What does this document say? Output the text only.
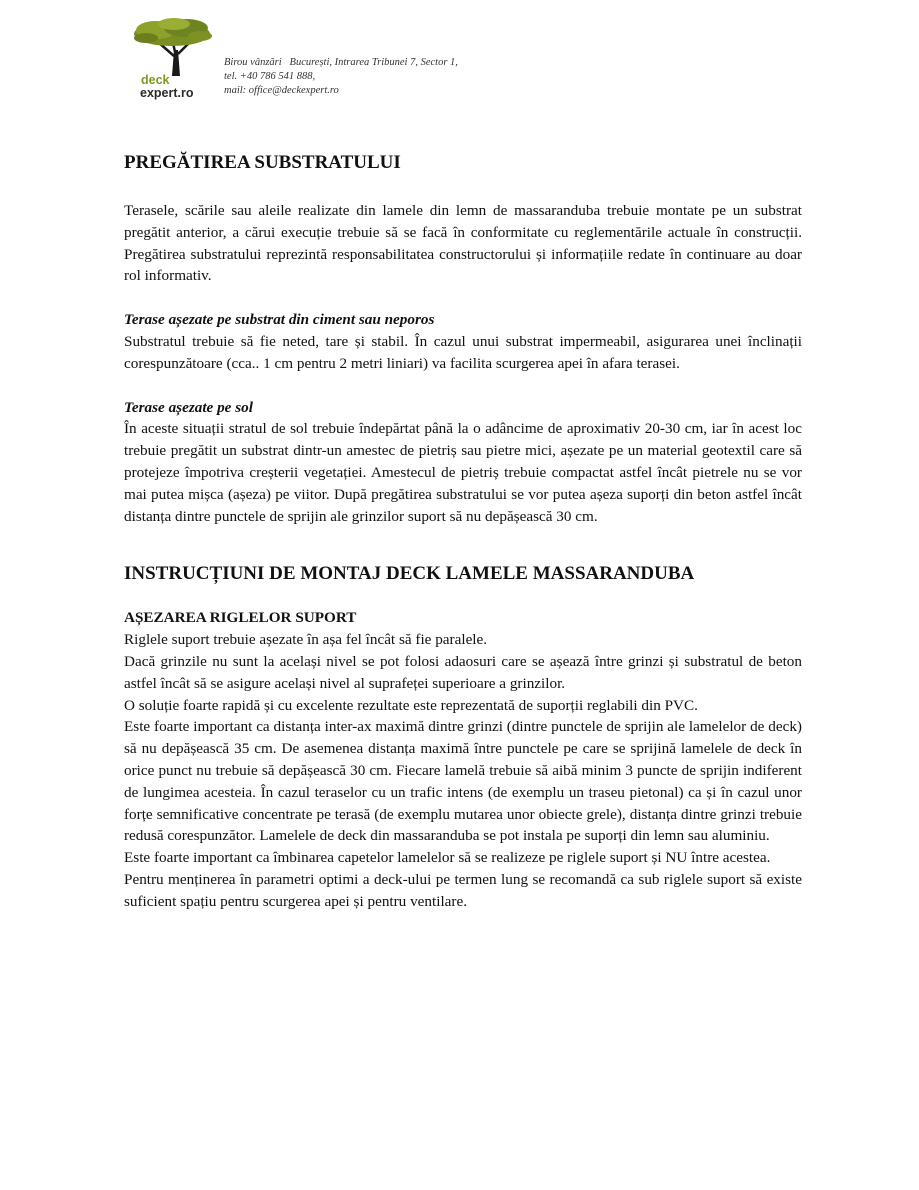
deck
expert.ro
Birou vânzări   București, Intrarea Tribunei 7, Sector 1,
tel. +40 786 541 888,
mail: office@deckexpert.ro
PREGĂTIREA SUBSTRATULUI

Terasele, scările sau aleile realizate din lamele din lemn de massaranduba trebuie montate pe un substrat pregătit anterior, a cărui execuție trebuie să se facă în conformitate cu reglementările actuale în construcții. Pregătirea substratului reprezintă responsabilitatea constructorului și informațiile redate în continuare au doar rol informativ.

Terase așezate pe substrat din ciment sau neporos

Substratul trebuie să fie neted, tare și stabil. În cazul unui substrat impermeabil, asigurarea unei înclinații corespunzătoare (cca.. 1 cm pentru 2 metri liniari) va facilita scurgerea apei în afara terasei.

Terase așezate pe sol

În aceste situații stratul de sol trebuie îndepărtat până la o adâncime de aproximativ 20-30 cm, iar în acest loc trebuie pregătit un substrat dintr-un amestec de pietriș sau pietre mici, așezate pe un material geotextil care să protejeze împotriva creșterii vegetației. Amestecul de pietriș trebuie compactat astfel încât pietrele nu se vor mai putea mișca (așeza) pe viitor. După pregătirea substratului se vor putea așeza suporți din beton astfel încât distanța dintre punctele de sprijin ale grinzilor suport să nu depășească 30 cm.

INSTRUCȚIUNI DE MONTAJ DECK LAMELE MASSARANDUBA

AȘEZAREA RIGLELOR SUPORT

Riglele suport trebuie așezate în așa fel încât să fie paralele.

Dacă grinzile nu sunt la același nivel se pot folosi adaosuri care se așează între grinzi și substratul de beton astfel încât să se asigure același nivel al suprafeței superioare a grinzilor.

O soluție foarte rapidă și cu excelente rezultate este reprezentată de suporții reglabili din PVC.

Este foarte important ca distanța inter-ax maximă dintre grinzi (dintre punctele de sprijin ale lamelelor de deck) să nu depășească 35 cm. De asemenea distanța maximă între punctele pe care se sprijină lamelele de deck în orice punct nu trebuie să depășească 30 cm. Fiecare lamelă trebuie să aibă minim 3 puncte de sprijin indiferent de lungimea acesteia. În cazul teraselor cu un trafic intens (de exemplu un traseu pietonal) ca și în cazul unor forțe semnificative concentrate pe terasă (de exemplu mutarea unor obiecte grele), distanța dintre grinzi trebuie redusă corespunzător. Lamelele de deck din massaranduba se pot instala pe suporți din lemn sau aluminiu.

Este foarte important ca îmbinarea capetelor lamelelor să se realizeze pe riglele suport și NU între acestea.

Pentru menținerea în parametri optimi a deck-ului pe termen lung se recomandă ca sub riglele suport să existe suficient spațiu pentru scurgerea apei și pentru ventilare.
